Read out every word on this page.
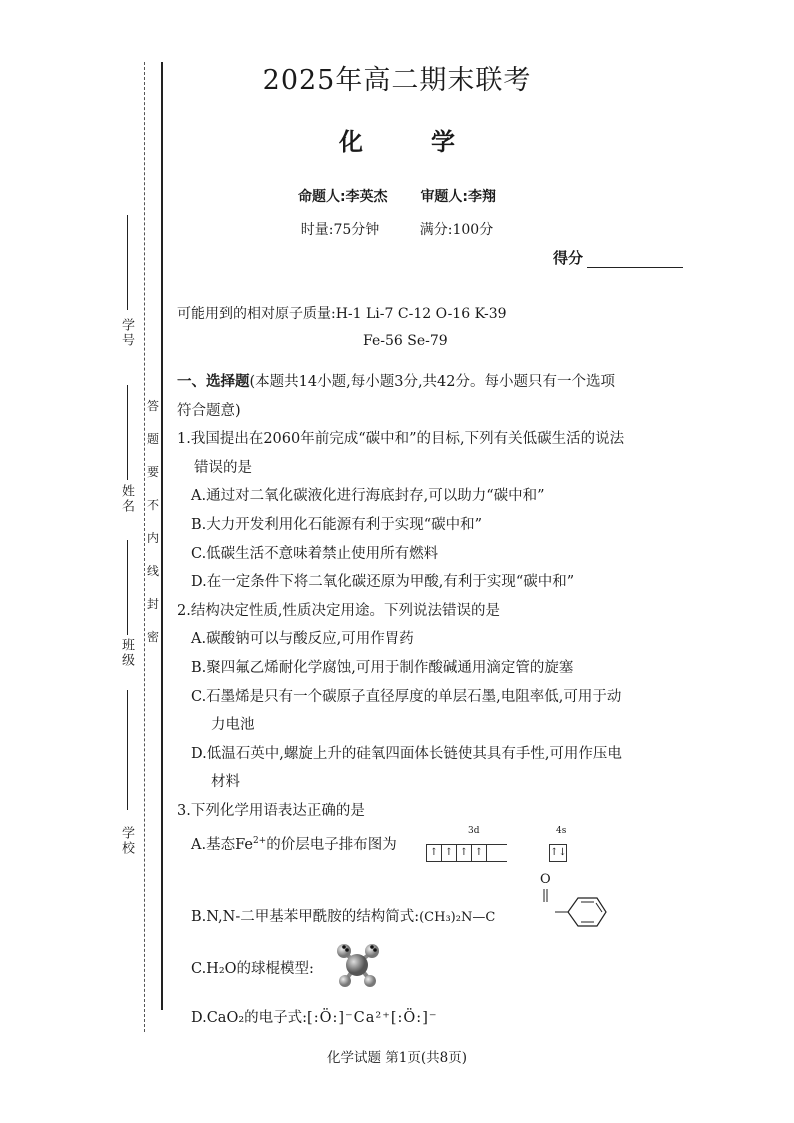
学号
姓名
班级
学校
答
题
要
不
内
线
封
密
2025年高二期末联考
化	学
命题人:李英杰 审题人:李翔
时量:75分钟	满分:100分
得分
可能用到的相对原子质量:H-1 Li-7 C-12 O-16 K-39
Fe-56 Se-79

一、选择题(本题共14小题,每小题3分,共42分。每小题只有一个选项

符合题意)

1.我国提出在2060年前完成“碳中和”的目标,下列有关低碳生活的说法

错误的是

A.通过对二氧化碳液化进行海底封存,可以助力“碳中和”

B.大力开发利用化石能源有利于实现“碳中和”

C.低碳生活不意味着禁止使用所有燃料

D.在一定条件下将二氧化碳还原为甲酸,有利于实现“碳中和”

2.结构决定性质,性质决定用途。下列说法错误的是

A.碳酸钠可以与酸反应,可用作胃药

B.聚四氟乙烯耐化学腐蚀,可用于制作酸碱通用滴定管的旋塞

C.石墨烯是只有一个碳原子直径厚度的单层石墨,电阻率低,可用于动

力电池

D.低温石英中,螺旋上升的硅氧四面体长链使其具有手性,可用作压电

材料

3.下列化学用语表达正确的是

A.基态$Fe^{2+}$的价层电子排布图为
3d	4s
↑ ↑ ↑ ↑	↑↓
B.N,N-二甲基苯甲酰胺的结构简式:(CH₃)₂N—C
O
C.H₂O的球棍模型:
D.CaO₂的电子式:[:Ö:]⁻Ca²⁺[:Ö:]⁻
化学试题 第1页(共8页)
